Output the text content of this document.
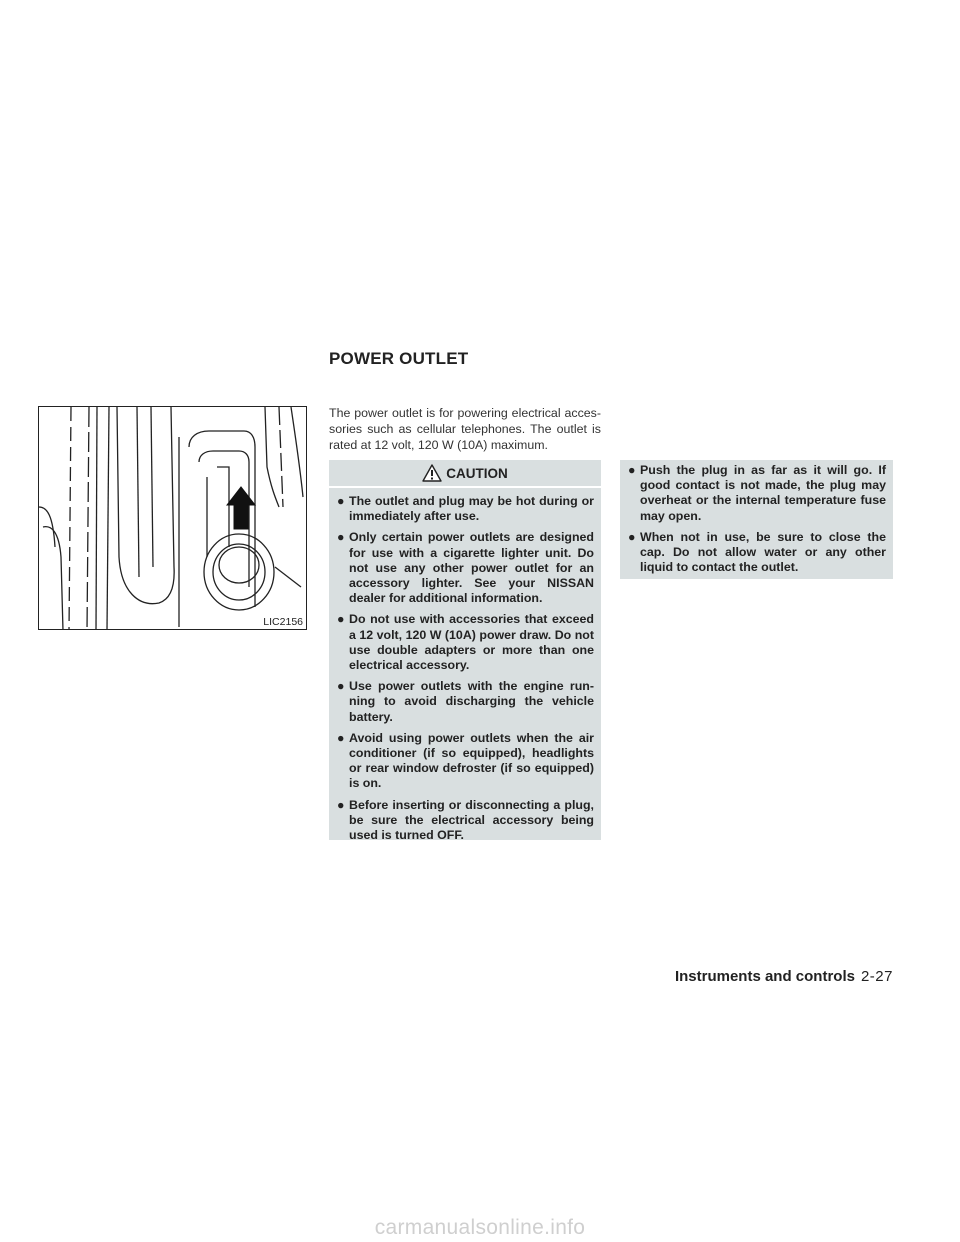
POWER OUTLET
LIC2156
The power outlet is for powering electrical acces- sories such as cellular telephones. The outlet is rated at 12 volt, 120 W (10A) maximum.
CAUTION
● The outlet and plug may be hot during or immediately after use.
● Only certain power outlets are designed for use with a cigarette lighter unit. Do not use any other power outlet for an accessory lighter. See your NISSAN dealer for additional information.
● Do not use with accessories that exceed a 12 volt, 120 W (10A) power draw. Do not use double adapters or more than one electrical accessory.
● Use power outlets with the engine run- ning to avoid discharging the vehicle battery.
● Avoid using power outlets when the air conditioner (if so equipped), headlights or rear window defroster (if so equipped) is on.
● Before inserting or disconnecting a plug, be sure the electrical accessory being used is turned OFF.
● Push the plug in as far as it will go. If good contact is not made, the plug may overheat or the internal temperature fuse may open.
● When not in use, be sure to close the cap. Do not allow water or any other liquid to contact the outlet.
Instruments and controls 2-27
carmanualsonline.info
